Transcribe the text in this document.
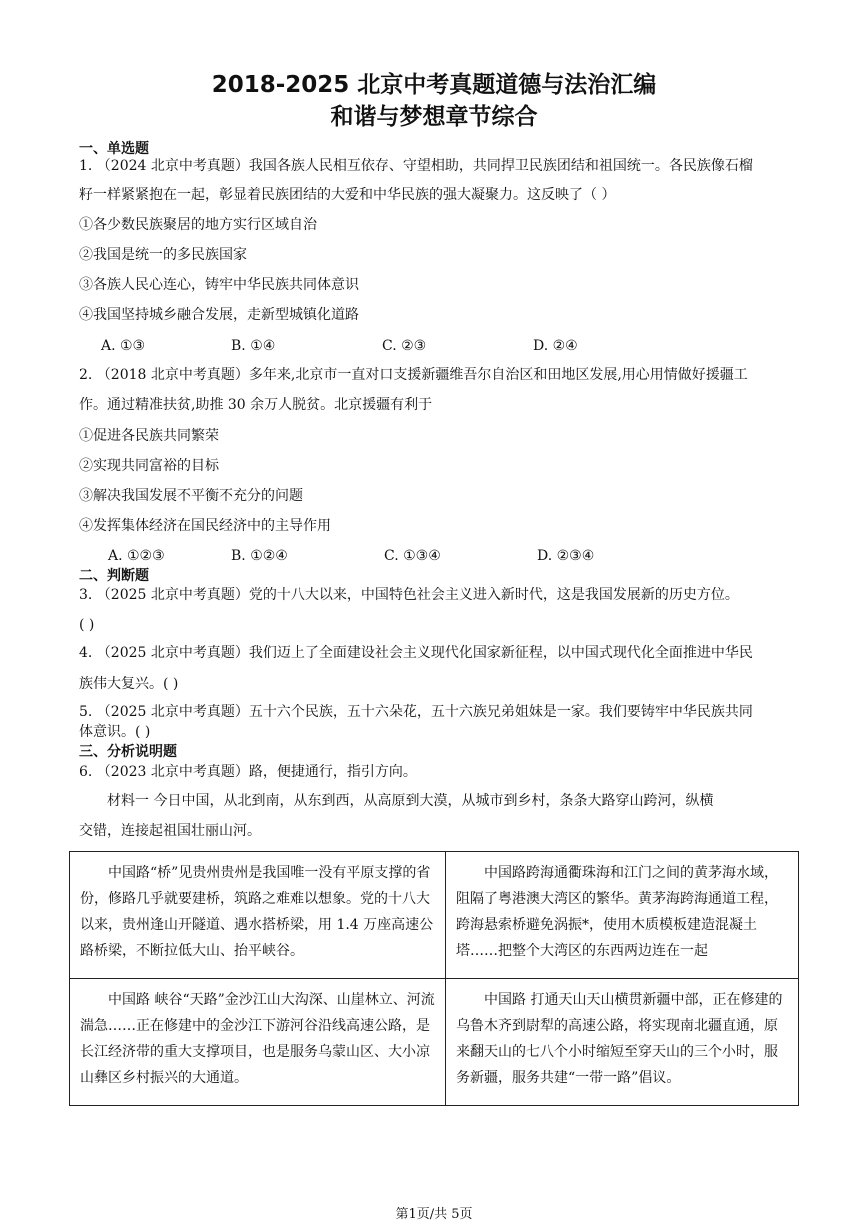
2018-2025 北京中考真题道德与法治汇编
和谐与梦想章节综合
一、单选题
1. （2024 北京中考真题）我国各族人民相互依存、守望相助，共同捍卫民族团结和祖国统一。各民族像石榴
籽一样紧紧抱在一起，彰显着民族团结的大爱和中华民族的强大凝聚力。这反映了（ ）
①各少数民族聚居的地方实行区域自治
②我国是统一的多民族国家
③各族人民心连心，铸牢中华民族共同体意识
④我国坚持城乡融合发展，走新型城镇化道路
A. ①③	B. ①④	C. ②③	D. ②④
2. （2018 北京中考真题）多年来,北京市一直对口支援新疆维吾尔自治区和田地区发展,用心用情做好援疆工
作。通过精准扶贫,助推 30 余万人脱贫。北京援疆有利于
①促进各民族共同繁荣
②实现共同富裕的目标
③解决我国发展不平衡不充分的问题
④发挥集体经济在国民经济中的主导作用
A. ①②③	B. ①②④	C. ①③④	D. ②③④
二、判断题
3. （2025 北京中考真题）党的十八大以来，中国特色社会主义进入新时代，这是我国发展新的历史方位。
( )
4. （2025 北京中考真题）我们迈上了全面建设社会主义现代化国家新征程，以中国式现代化全面推进中华民
族伟大复兴。( )
5. （2025 北京中考真题）五十六个民族，五十六朵花，五十六族兄弟姐妹是一家。我们要铸牢中华民族共同
体意识。( )
三、分析说明题
6. （2023 北京中考真题）路，便捷通行，指引方向。
材料一 今日中国，从北到南，从东到西，从高原到大漠，从城市到乡村，条条大路穿山跨河，纵横
交错，连接起祖国壮丽山河。

中国路“桥”见贵州贵州是我国唯一没有平原支撑的省份，修路几乎就要建桥，筑路之难难以想象。党的十八大以来，贵州逢山开隧道、遇水搭桥梁，用 1.4 万座高速公路桥梁，不断拉低大山、抬平峡谷。	中国路跨海通衢珠海和江门之间的黄茅海水域，阻隔了粤港澳大湾区的繁华。黄茅海跨海通道工程，跨海悬索桥避免涡振*，使用木质模板建造混凝土塔……把整个大湾区的东西两边连在一起

中国路 峡谷“天路”金沙江山大沟深、山崖林立、河流湍急……正在修建中的金沙江下游河谷沿线高速公路，是长江经济带的重大支撑项目，也是服务乌蒙山区、大小凉山彝区乡村振兴的大通道。	中国路 打通天山天山横贯新疆中部，正在修建的乌鲁木齐到尉犁的高速公路，将实现南北疆直通，原来翻天山的七八个小时缩短至穿天山的三个小时，服务新疆，服务共建“一带一路”倡议。

第1页/共 5页
